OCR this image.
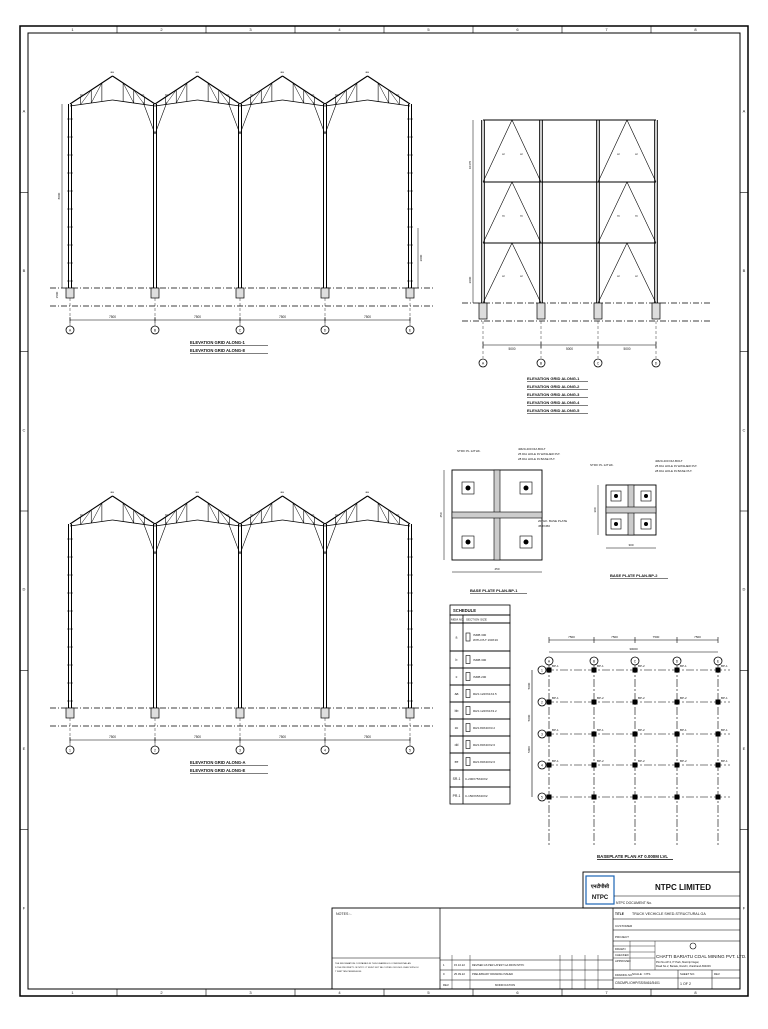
1
1
2
2
3
3
4
4
5
5
6
6
7
7
8
8
A	A
B	B
C	C
D	D
E	E
F	F
aa
bb	bb
aa
bb	bb
aa
bb	bb
aa
bb	bb
7500	7500	7500	7500
A	B	C	D	E
8000
2000
1500
ELEVATION GRID ALONG-1
ELEVATION GRID ALONG-8
aa
bb	bb
aa
bb	bb
aa
bb	bb
aa
bb	bb
7500	7500	7500	7500
1	2	3	4	5
ELEVATION GRID ALONG-A
ELEVATION GRID ALONG-E
cc	cc
cc	cc
cc	cc
cc	cc
cc	cc
cc	cc
10470
2000
5000	5000	5000
A	B	C	D
ELEVATION GRID ALONG-1
ELEVATION GRID ALONG-2
ELEVATION GRID ALONG-3
ELEVATION GRID ALONG-4
ELEVATION GRID ALONG-5
450
450
STIFF PL 12THK.	4M20-400 DIA BOLT
25 DIA HOLE IN WASHER PLT.
28 DIA HOLE IN BASE PLT.
20THK. BASE PLATE
450X450
BASE PLATE PLAN-BP-1
300
300
STIFF PL 12THK.
4M20-400 DIA BOLT
25 DIA HOLE IN WASHER PLT.
28 DIA HOLE IN BASE PLT.
BASE PLATE PLAN-BP-2
SCHEDULE
MEM.NO. SECTION SIZE
a
ISMB 300
WITH PLT 160X16
b	ISMB 300
c	ISMB 200
aa	RHS 122X61X4.5
bb	RHS 122X61X3.2
cc	RHS 80X40X3.2
dd	RHS 80X40X2.6
ee	RHS 80X40X2.6
SR-1 C-200X75X20X2
PR-1 C-150X65X20X2
7500	7500	7500	7500
30000
A	B	C	D	E
5000
5000
5000
1
2
3
4
5
BP-1	BP-1	BP-2	BP-1	BP-1
BP-1	BP-2	BP-2	BP-2	BP-1
BP-1	BP-1	BP-2	BP-1	BP-1
BP-1	BP-2	BP-2	BP-2	BP-1
BASEPLATE PLAN AT 0.000M LVL
एनटीपीसी
NTPC
NTPC LIMITED
NTPC DOCUMENT No.
TITLE TRUCK VECHICLE SHED-STRUCTURAL GA
CUSTOMER
PROJECT
CHATTI BARIATU COAL MINING PVT. LTD.
Plot No.AP-3, IT Park, Mantrip Nagar,
Road No.2, Bariatu, Ranchi, Jharkhand-834009
DRAWN
CHECKED
APPROVED
SCALE : NTS
DRAWING NO.
CBCMPL/OHP/SS/5461/5401
SHEET NO.
1 OF 2
REV.
NOTES :-
THE INFORMATION CONTAINED IN THIS DRAWING IS CONFIDENTIAL AN
D THE PROPERTY OF NTPC. IT MUST NOT BE COPIED OR DISCLOSED WITHOU
T WRITTEN PERMISSION.
1	15.10.22	REVISED AS PER LATEST GA FROM NTPC
0	25.09.22	PRELIMINARY DRAWING ISSUED
REV.	MODIFICATION
